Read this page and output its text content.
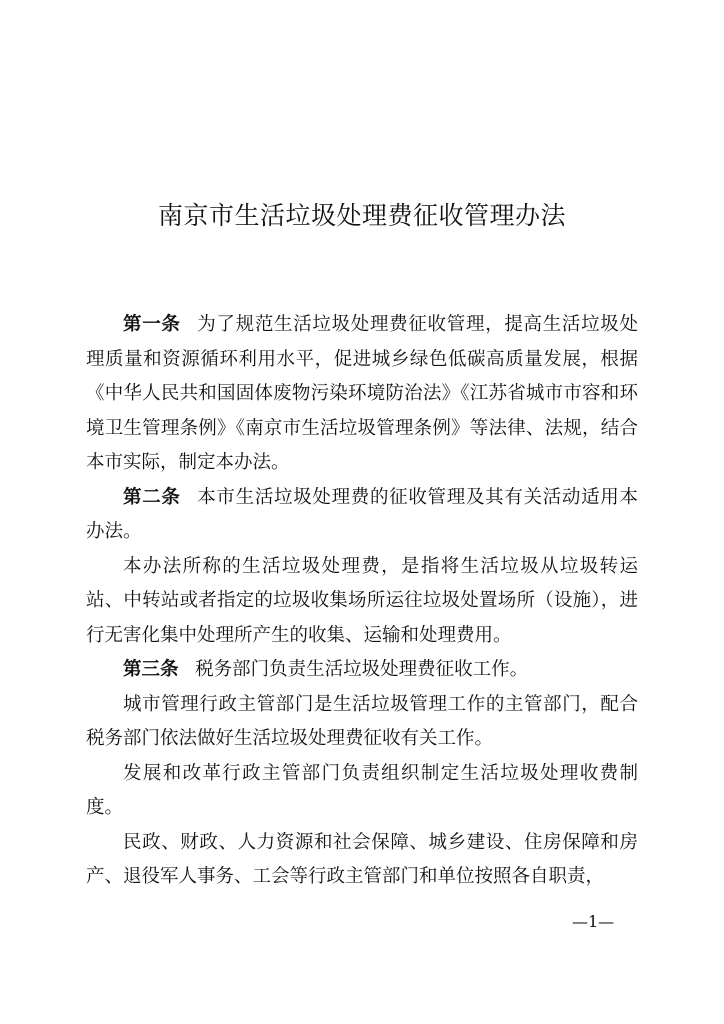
南京市生活垃圾处理费征收管理办法

第一条 为了规范生活垃圾处理费征收管理，提高生活垃圾处理质量和资源循环利用水平，促进城乡绿色低碳高质量发展，根据《中华人民共和国固体废物污染环境防治法》《江苏省城市市容和环境卫生管理条例》《南京市生活垃圾管理条例》等法律、法规，结合本市实际，制定本办法。

第二条 本市生活垃圾处理费的征收管理及其有关活动适用本办法。

本办法所称的生活垃圾处理费，是指将生活垃圾从垃圾转运站、中转站或者指定的垃圾收集场所运往垃圾处置场所（设施），进行无害化集中处理所产生的收集、运输和处理费用。

第三条 税务部门负责生活垃圾处理费征收工作。

城市管理行政主管部门是生活垃圾管理工作的主管部门，配合税务部门依法做好生活垃圾处理费征收有关工作。

发展和改革行政主管部门负责组织制定生活垃圾处理收费制度。

民政、财政、人力资源和社会保障、城乡建设、住房保障和房产、退役军人事务、工会等行政主管部门和单位按照各自职责，

—1—
